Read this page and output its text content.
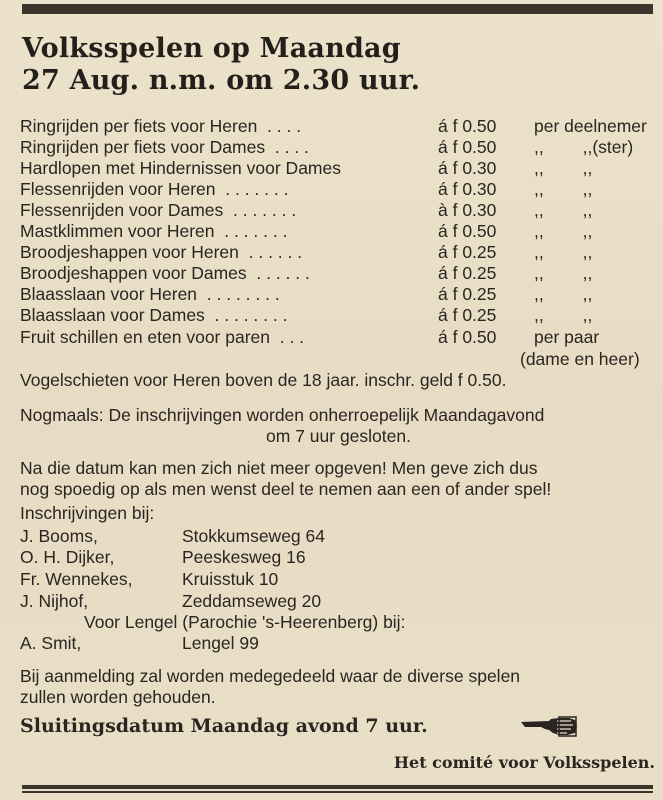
Volksspelen op Maandag
27 Aug. n.m. om 2.30 uur.
Ringrijden per fiets voor Heren  . . . .	á f 0.50 per deelnemer
Ringrijden per fiets voor Dames  . . . .	á f 0.50 ,,        ,,(ster)
Hardlopen met Hindernissen voor Dames	á f 0.30 ,,        ,,
Flessenrijden voor Heren  . . . . . . .	á f 0.30 ,,        ,,
Flessenrijden voor Dames  . . . . . . .	à f 0.30 ,,        ,,
Mastklimmen voor Heren  . . . . . . .	á f 0.50 ,,        ,,
Broodjeshappen voor Heren  . . . . . .	á f 0.25 ,,        ,,
Broodjeshappen voor Dames  . . . . . .	á f 0.25 ,,        ,,
Blaasslaan voor Heren  . . . . . . . .	á f 0.25 ,,        ,,
Blaasslaan voor Dames  . . . . . . . .	á f 0.25 ,,        ,,
Fruit schillen en eten voor paren  . . .	á f 0.50 per paar
(dame en heer)
Vogelschieten voor Heren boven de 18 jaar. inschr. geld f 0.50.
Nogmaals: De inschrijvingen worden onherroepelijk Maandagavond
om 7 uur gesloten.
Na die datum kan men zich niet meer opgeven! Men geve zich dus
nog spoedig op als men wenst deel te nemen aan een of ander spel!
Inschrijvingen bij:
J. Booms,	Stokkumseweg 64
O. H. Dijker,	Peeskesweg 16
Fr. Wennekes,	Kruisstuk 10
J. Nijhof,	Zeddamseweg 20
Voor Lengel (Parochie 's-Heerenberg) bij:
A. Smit,	Lengel 99
Bij aanmelding zal worden medegedeeld waar de diverse spelen
zullen worden gehouden.
Sluitingsdatum Maandag avond 7 uur.
Het comité voor Volksspelen.
